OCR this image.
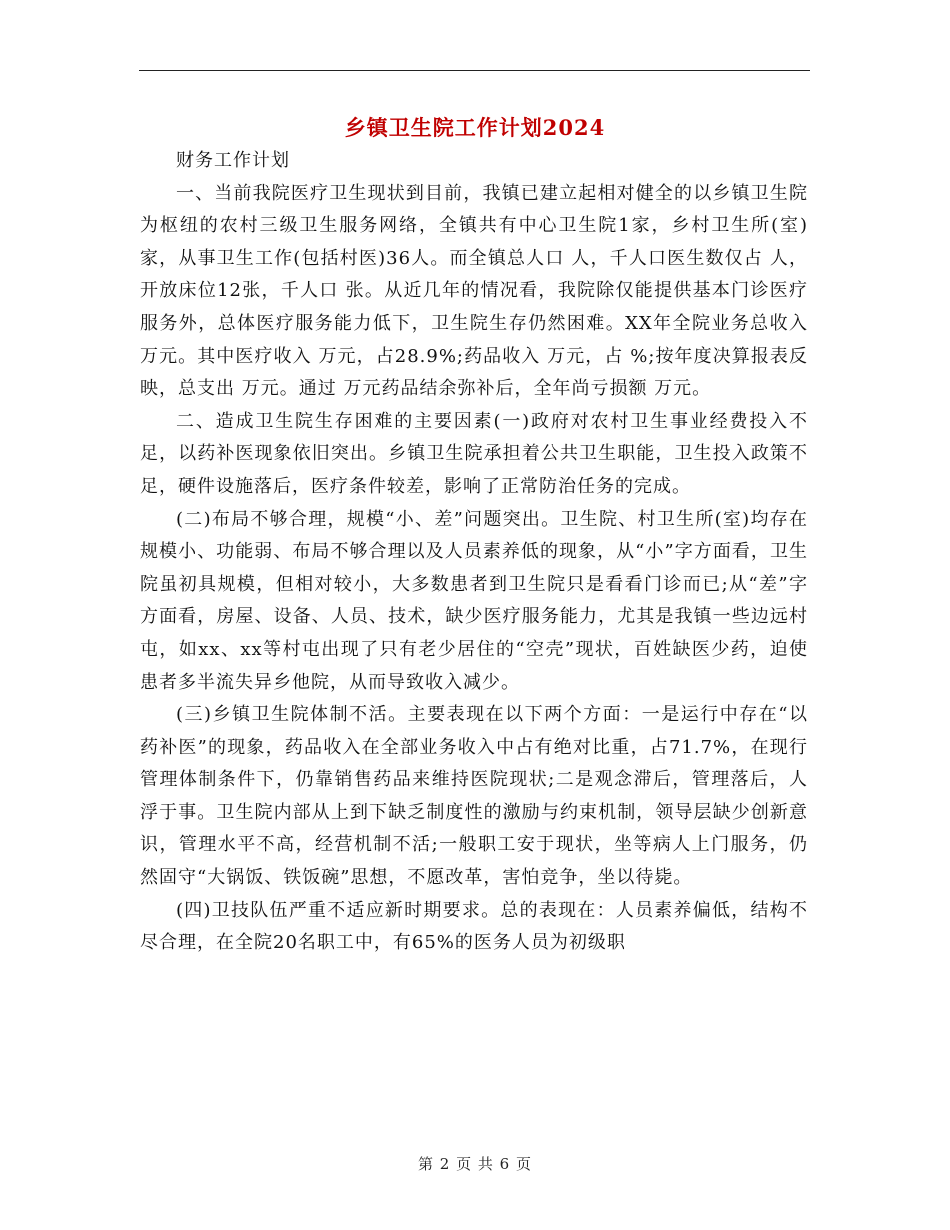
乡镇卫生院工作计划2024

财务工作计划

一、当前我院医疗卫生现状到目前，我镇已建立起相对健全的以乡镇卫生院为枢纽的农村三级卫生服务网络，全镇共有中心卫生院1家，乡村卫生所(室) 家，从事卫生工作(包括村医)36人。而全镇总人口 人，千人口医生数仅占 人，开放床位12张，千人口 张。从近几年的情况看，我院除仅能提供基本门诊医疗服务外，总体医疗服务能力低下，卫生院生存仍然困难。XX年全院业务总收入 万元。其中医疗收入 万元，占28.9%;药品收入 万元，占 %;按年度决算报表反映，总支出 万元。通过 万元药品结余弥补后，全年尚亏损额 万元。

二、造成卫生院生存困难的主要因素(一)政府对农村卫生事业经费投入不足，以药补医现象依旧突出。乡镇卫生院承担着公共卫生职能，卫生投入政策不足，硬件设施落后，医疗条件较差，影响了正常防治任务的完成。

(二)布局不够合理，规模“小、差”问题突出。卫生院、村卫生所(室)均存在规模小、功能弱、布局不够合理以及人员素养低的现象，从“小”字方面看，卫生院虽初具规模，但相对较小，大多数患者到卫生院只是看看门诊而已;从“差”字方面看，房屋、设备、人员、技术，缺少医疗服务能力，尤其是我镇一些边远村屯，如xx、xx等村屯出现了只有老少居住的“空壳”现状，百姓缺医少药，迫使患者多半流失异乡他院，从而导致收入减少。

(三)乡镇卫生院体制不活。主要表现在以下两个方面：一是运行中存在“以药补医”的现象，药品收入在全部业务收入中占有绝对比重，占71.7%，在现行管理体制条件下，仍靠销售药品来维持医院现状;二是观念滞后，管理落后，人浮于事。卫生院内部从上到下缺乏制度性的激励与约束机制，领导层缺少创新意识，管理水平不高，经营机制不活;一般职工安于现状，坐等病人上门服务，仍然固守“大锅饭、铁饭碗”思想，不愿改革，害怕竞争，坐以待毙。

(四)卫技队伍严重不适应新时期要求。总的表现在：人员素养偏低，结构不尽合理，在全院20名职工中，有65%的医务人员为初级职

第 2 页 共 6 页
